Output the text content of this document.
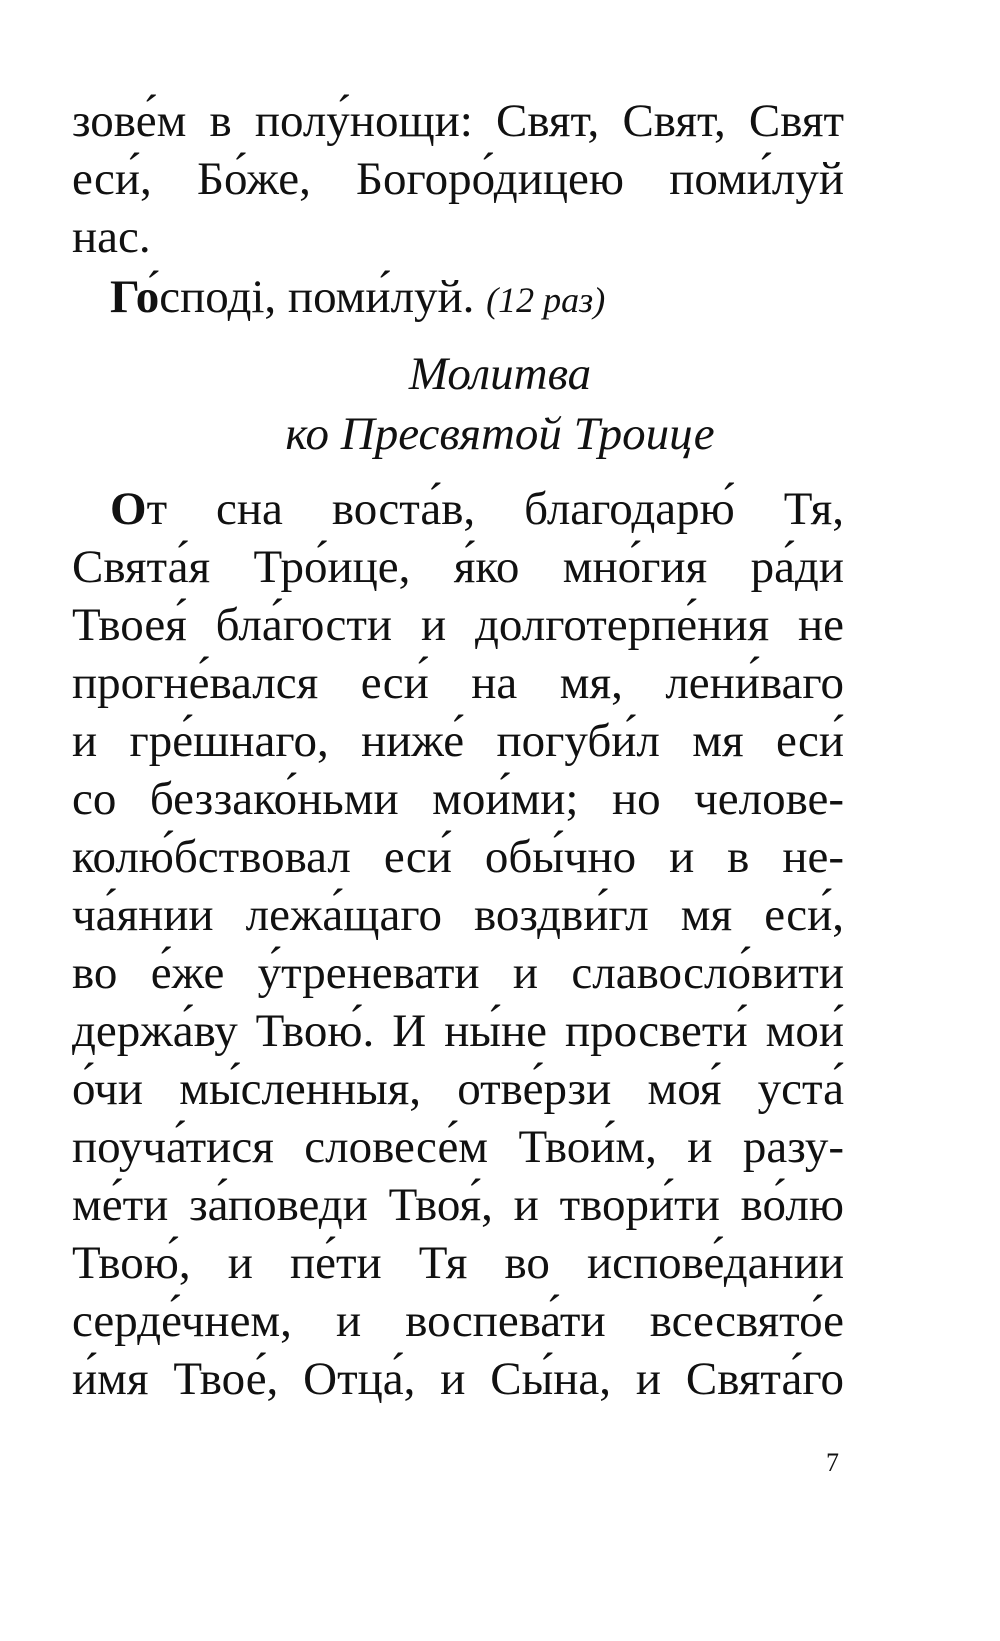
зове́м в полу́нощи: Свят, Свят, Свят
еси́, Бо́же, Богоро́дицею поми́луй
нас.
Го́сподi, поми́луй. (12 раз)
Молитва
ко Пресвятой Троице
От сна воста́в, благодарю́ Тя,
Свята́я Тро́ице, я́ко мно́гия ра́ди
Твоея́ бла́гости и долготерпе́ния не
прогне́вался еси́ на мя, лени́ваго
и гре́шнаго, ниже́ погуби́л мя еси́
со беззако́ньми мои́ми; но челове-
колю́бствовал еси́ обы́чно и в не-
ча́янии лежа́щаго воздви́гл мя еси́,
во е́же у́треневати и славосло́вити
держа́ву Твою́. И ны́не просвети́ мои́
о́чи мы́сленныя, отве́рзи моя́ уста́
поуча́тися словесе́м Твои́м, и разу-
ме́ти за́поведи Твоя́, и твори́ти во́лю
Твою́, и пе́ти Тя во испове́дании
серде́чнем, и воспева́ти всесвято́е
и́мя Твое́, Отца́, и Сы́на, и Свята́го
7
